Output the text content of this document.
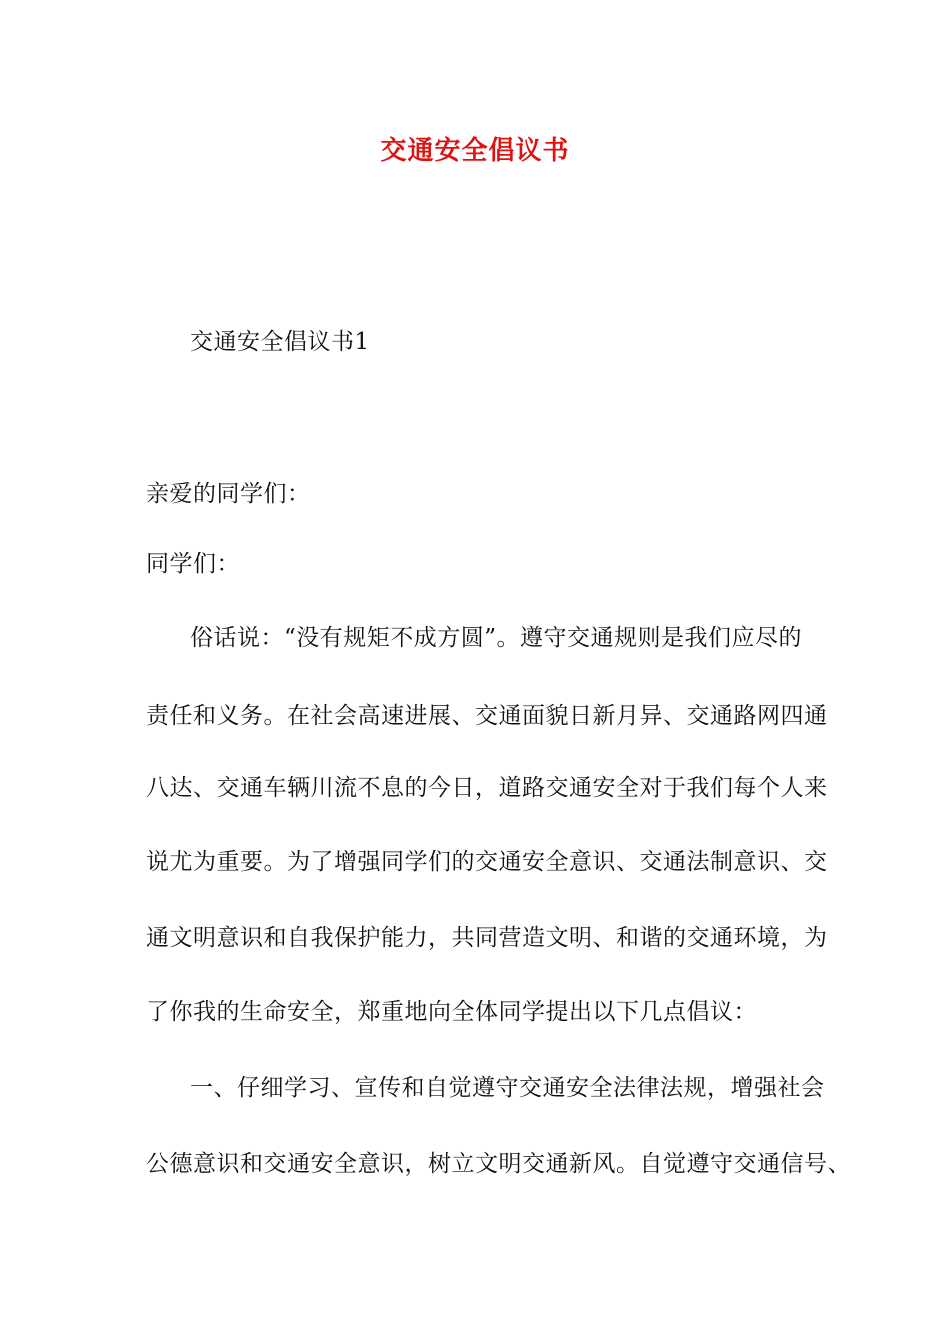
交通安全倡议书
交通安全倡议书1
亲爱的同学们：
同学们：
俗话说：“没有规矩不成方圆”。遵守交通规则是我们应尽的
责任和义务。在社会高速进展、交通面貌日新月异、交通路网四通
八达、交通车辆川流不息的今日，道路交通安全对于我们每个人来
说尤为重要。为了增强同学们的交通安全意识、交通法制意识、交
通文明意识和自我保护能力，共同营造文明、和谐的交通环境，为
了你我的生命安全，郑重地向全体同学提出以下几点倡议：
一、仔细学习、宣传和自觉遵守交通安全法律法规，增强社会
公德意识和交通安全意识，树立文明交通新风。自觉遵守交通信号、
